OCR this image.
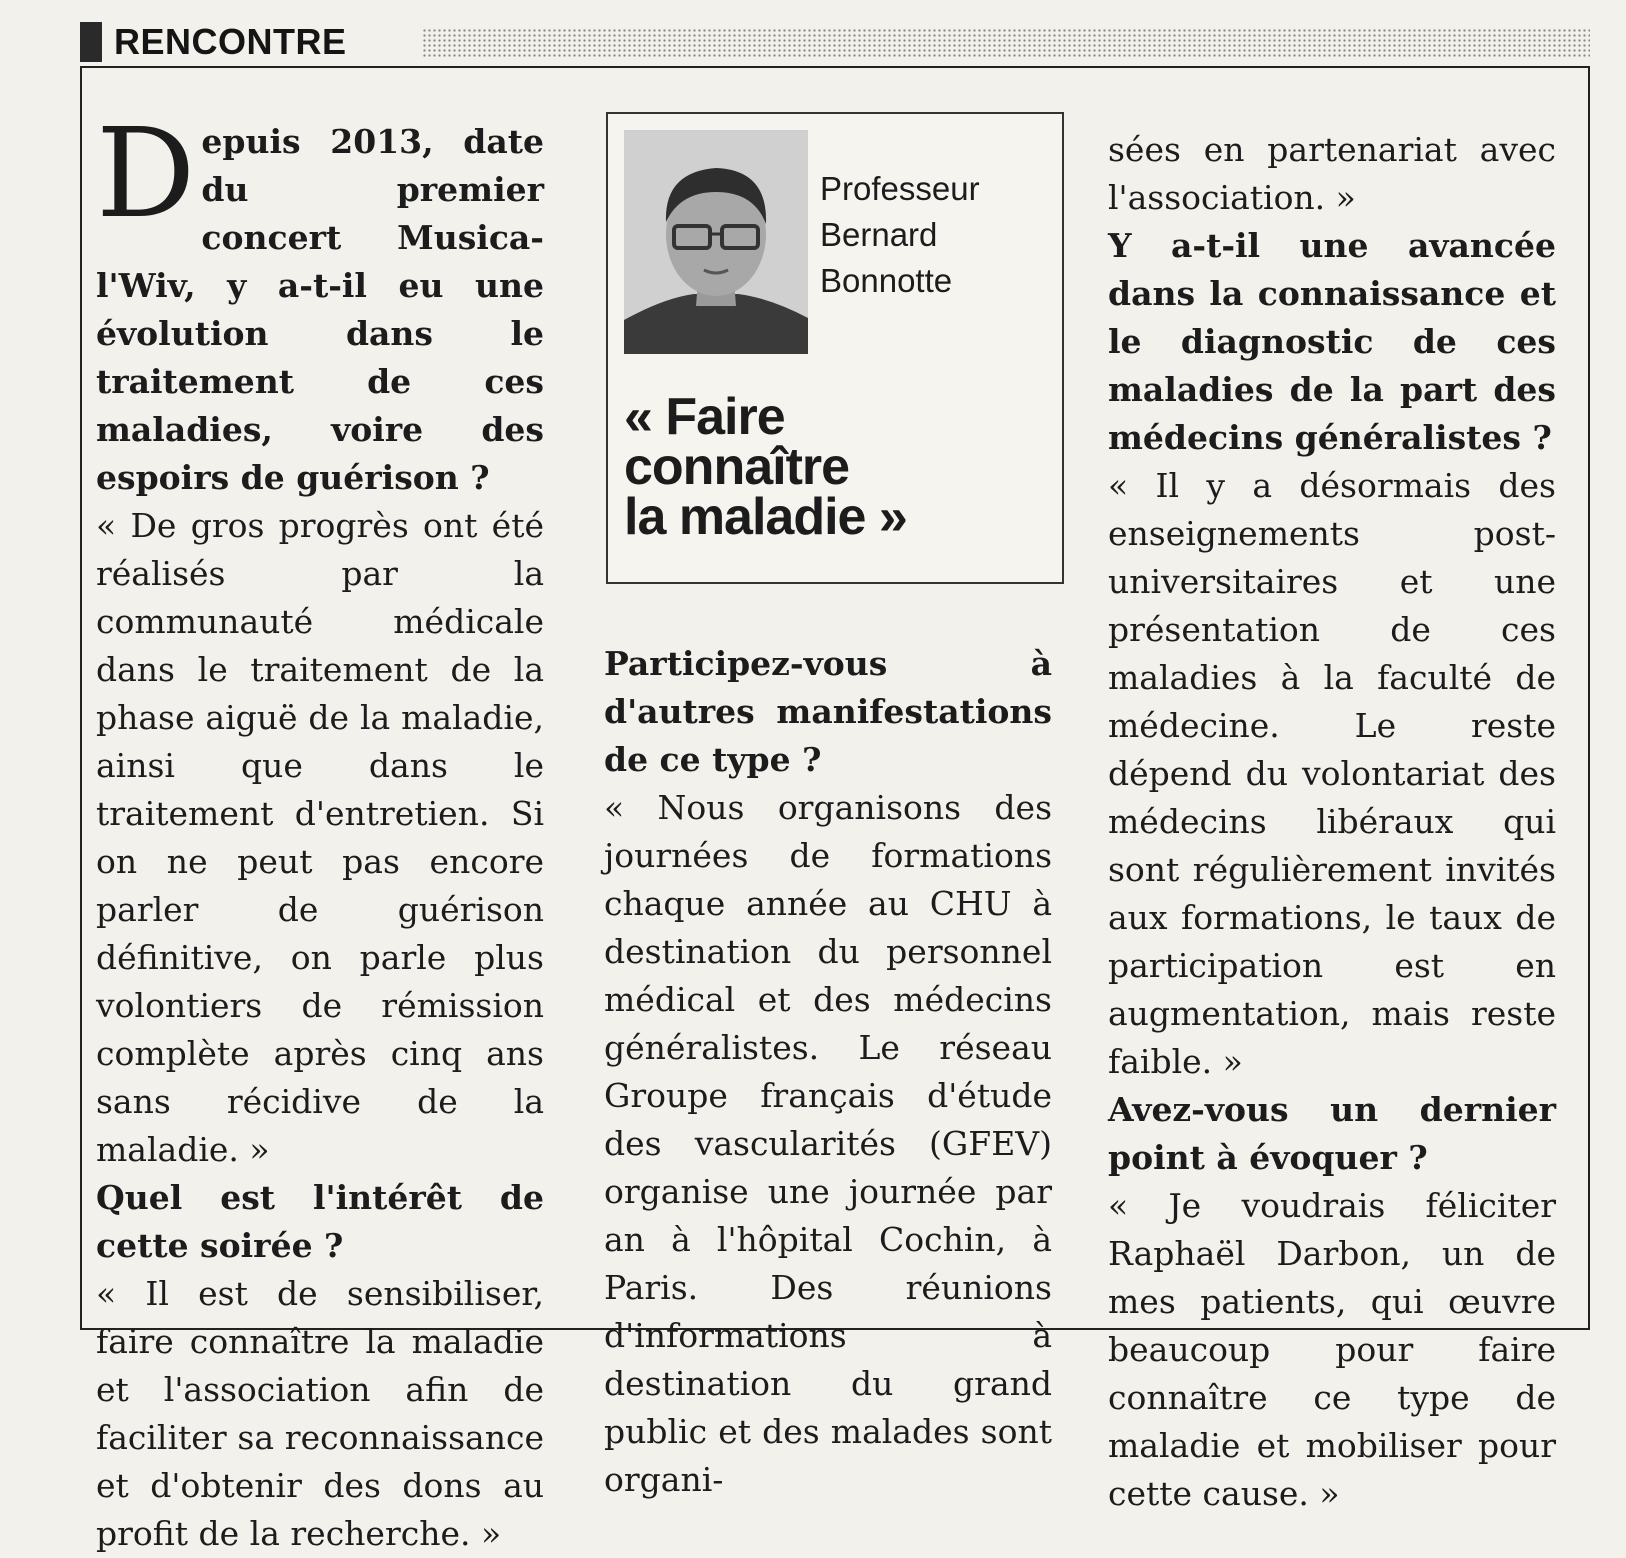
RENCONTRE

Depuis 2013, date du premier concert Musica-l'Wiv, y a-t-il eu une évolution dans le traitement de ces maladies, voire des espoirs de guérison ?

« De gros progrès ont été réalisés par la communauté médicale dans le traitement de la phase aiguë de la maladie, ainsi que dans le traitement d'entretien. Si on ne peut pas encore parler de guérison définitive, on parle plus volontiers de rémission complète après cinq ans sans récidive de la maladie. »

Quel est l'intérêt de cette soirée ?

« Il est de sensibiliser, faire connaître la maladie et l'association afin de faciliter sa reconnaissance et d'obtenir des dons au profit de la recherche. »

Professeur
Bernard
Bonnotte
« Faire
connaître
la maladie »

Participez-vous à d'autres manifestations de ce type ?

« Nous organisons des journées de formations chaque année au CHU à destination du personnel médical et des médecins généralistes. Le réseau Groupe français d'étude des vascularités (GFEV) organise une journée par an à l'hôpital Cochin, à Paris. Des réunions d'informations à destination du grand public et des malades sont organi-

sées en partenariat avec l'association. »

Y a-t-il une avancée dans la connaissance et le diagnostic de ces maladies de la part des médecins généralistes ?

« Il y a désormais des enseignements post-universitaires et une présentation de ces maladies à la faculté de médecine. Le reste dépend du volontariat des médecins libéraux qui sont régulièrement invités aux formations, le taux de participation est en augmentation, mais reste faible. »

Avez-vous un dernier point à évoquer ?

« Je voudrais féliciter Raphaël Darbon, un de mes patients, qui œuvre beaucoup pour faire connaître ce type de maladie et mobiliser pour cette cause. »
